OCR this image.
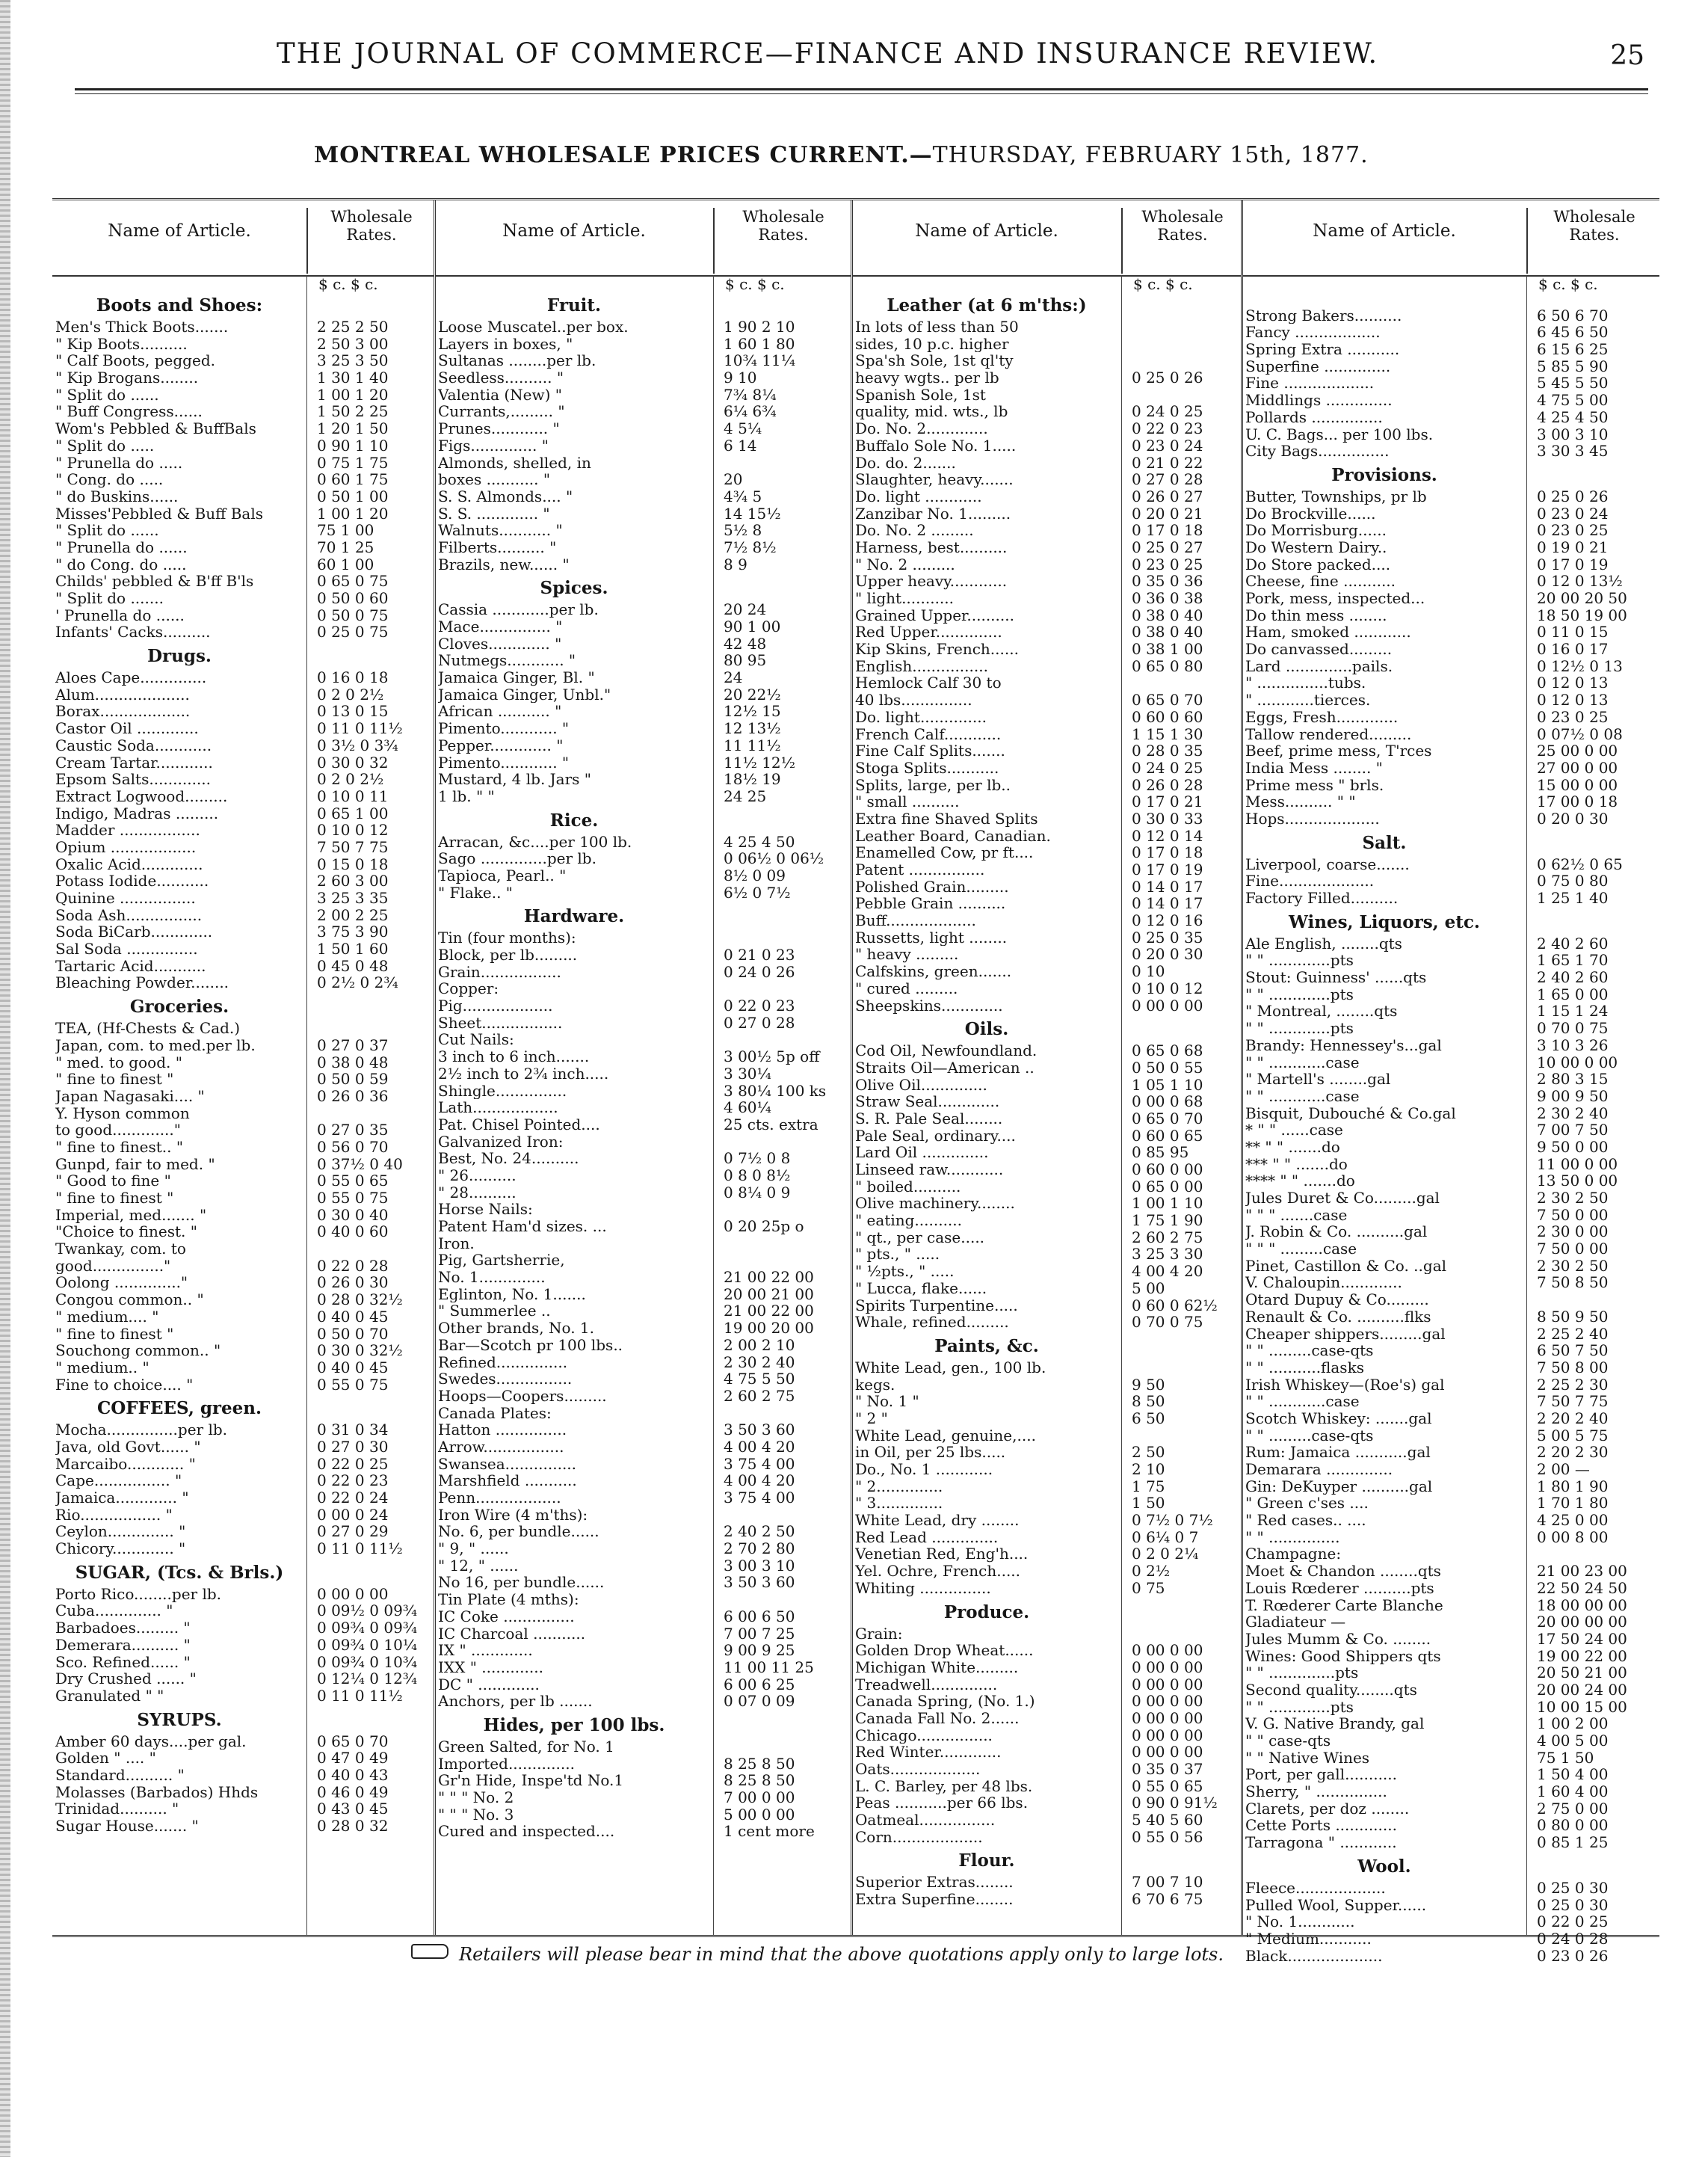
THE JOURNAL OF COMMERCE—FINANCE AND INSURANCE REVIEW.	25
MONTREAL WHOLESALE PRICES CURRENT.—THURSDAY, FEBRUARY 15th, 1877.
Name of Article.
Wholesale
Rates.
$ c. $ c.
Boots and Shoes:
Men's Thick Boots.......	2 25 2 50
" Kip Boots..........	2 50 3 00
" Calf Boots, pegged.	3 25 3 50
" Kip Brogans........	1 30 1 40
" Split do ......	1 00 1 20
" Buff Congress......	1 50 2 25
Wom's Pebbled & BuffBals	1 20 1 50
" Split do .....	0 90 1 10
" Prunella do .....	0 75 1 75
" Cong. do .....	0 60 1 75
" do Buskins......	0 50 1 00
Misses'Pebbled & Buff Bals	1 00 1 20
" Split do ......	75 1 00
" Prunella do ......	70 1 25
" do Cong. do .....	60 1 00
Childs' pebbled & B'ff B'ls	0 65 0 75
" Split do .......	0 50 0 60
' Prunella do ......	0 50 0 75
Infants' Cacks..........	0 25 0 75
Drugs.
Aloes Cape..............	0 16 0 18
Alum....................	0 2 0 2½
Borax...................	0 13 0 15
Castor Oil .............	0 11 0 11½
Caustic Soda............	0 3½ 0 3¾
Cream Tartar............	0 30 0 32
Epsom Salts.............	0 2 0 2½
Extract Logwood.........	0 10 0 11
Indigo, Madras .........	0 65 1 00
Madder .................	0 10 0 12
Opium ..................	7 50 7 75
Oxalic Acid.............	0 15 0 18
Potass Iodide...........	2 60 3 00
Quinine ................	3 25 3 35
Soda Ash................	2 00 2 25
Soda BiCarb.............	3 75 3 90
Sal Soda ...............	1 50 1 60
Tartaric Acid...........	0 45 0 48
Bleaching Powder........	0 2½ 0 2¾
Groceries.
TEA, (Hf-Chests & Cad.)
Japan, com. to med.per lb.	0 27 0 37
" med. to good. "	0 38 0 48
" fine to finest "	0 50 0 59
Japan Nagasaki.... "	0 26 0 36
Y. Hyson common
to good............."	0 27 0 35
" fine to finest.. "	0 56 0 70
Gunpd, fair to med. "	0 37½ 0 40
" Good to fine "	0 55 0 65
" fine to finest "	0 55 0 75
Imperial, med....... "	0 30 0 40
"Choice to finest. "	0 40 0 60
Twankay, com. to
good..............."	0 22 0 28
Oolong .............."	0 26 0 30
Congou common.. "	0 28 0 32½
" medium.... "	0 40 0 45
" fine to finest "	0 50 0 70
Souchong common.. "	0 30 0 32½
" medium.. "	0 40 0 45
Fine to choice.... "	0 55 0 75
COFFEES, green.
Mocha...............per lb.	0 31 0 34
Java, old Govt...... "	0 27 0 30
Marcaibo............ "	0 22 0 25
Cape................ "	0 22 0 23
Jamaica............. "	0 22 0 24
Rio................. "	0 00 0 24
Ceylon.............. "	0 27 0 29
Chicory............. "	0 11 0 11½
SUGAR, (Tcs. & Brls.)
Porto Rico........per lb.	0 00 0 00
Cuba.............. "	0 09½ 0 09¾
Barbadoes......... "	0 09¾ 0 09¾
Demerara.......... "	0 09¾ 0 10¼
Sco. Refined...... "	0 09¾ 0 10¾
Dry Crushed ...... "	0 12¼ 0 12¾
Granulated " "	0 11 0 11½
SYRUPS.
Amber 60 days....per gal.	0 65 0 70
Golden " .... "	0 47 0 49
Standard.......... "	0 40 0 43
Molasses (Barbados) Hhds	0 46 0 49
Trinidad.......... "	0 43 0 45
Sugar House....... "	0 28 0 32
Name of Article.
Wholesale
Rates.
$ c. $ c.
Fruit.
Loose Muscatel..per box.	1 90 2 10
Layers in boxes, "	1 60 1 80
Sultanas ........per lb.	10¾ 11¼
Seedless.......... "	9 10
Valentia (New) "	7¾ 8¼
Currants,......... "	6¼ 6¾
Prunes............ "	4 5¼
Figs.............. "	6 14
Almonds, shelled, in
boxes ........... "	20
S. S. Almonds.... "	4¾ 5
S. S. ............. "	14 15½
Walnuts........... "	5½ 8
Filberts.......... "	7½ 8½
Brazils, new...... "	8 9
Spices.
Cassia ............per lb.	20 24
Mace............... "	90 1 00
Cloves............. "	42 48
Nutmegs............ "	80 95
Jamaica Ginger, Bl. "	24
Jamaica Ginger, Unbl."	20 22½
African ........... "	12½ 15
Pimento............ "	12 13½
Pepper............. "	11 11½
Pimento............ "	11½ 12½
Mustard, 4 lb. Jars "	18½ 19
1 lb. " "	24 25
Rice.
Arracan, &c....per 100 lb.	4 25 4 50
Sago ..............per lb.	0 06½ 0 06½
Tapioca, Pearl.. "	8½ 0 09
" Flake.. "	6½ 0 7½
Hardware.
Tin (four months):
Block, per lb.........	0 21 0 23
Grain.................	0 24 0 26
Copper:
Pig...................	0 22 0 23
Sheet.................	0 27 0 28
Cut Nails:
3 inch to 6 inch.......	3 00½ 5p off
2½ inch to 2¾ inch.....	3 30¼
Shingle...............	3 80¼ 100 ks
Lath..................	4 60¼
Pat. Chisel Pointed....	25 cts. extra
Galvanized Iron:
Best, No. 24..........	0 7½ 0 8
" 26..........	0 8 0 8½
" 28..........	0 8¼ 0 9
Horse Nails:
Patent Ham'd sizes. ...	0 20 25p o
Iron.
Pig, Gartsherrie,
No. 1..............	21 00 22 00
Eglinton, No. 1.......	20 00 21 00
" Summerlee ..	21 00 22 00
Other brands, No. 1.	19 00 20 00
Bar—Scotch pr 100 lbs..	2 00 2 10
Refined...............	2 30 2 40
Swedes................	4 75 5 50
Hoops—Coopers.........	2 60 2 75
Canada Plates:
Hatton ...............	3 50 3 60
Arrow.................	4 00 4 20
Swansea...............	3 75 4 00
Marshfield ...........	4 00 4 20
Penn..................	3 75 4 00
Iron Wire (4 m'ths):
No. 6, per bundle......	2 40 2 50
" 9, " ......	2 70 2 80
" 12, " ......	3 00 3 10
No 16, per bundle......	3 50 3 60
Tin Plate (4 mths):
IC Coke ...............	6 00 6 50
IC Charcoal ...........	7 00 7 25
IX " .............	9 00 9 25
IXX " .............	11 00 11 25
DC " .............	6 00 6 25
Anchors, per lb .......	0 07 0 09
Hides, per 100 lbs.
Green Salted, for No. 1
Imported..............	8 25 8 50
Gr'n Hide, Inspe'td No.1	8 25 8 50
" " " No. 2	7 00 0 00
" " " No. 3	5 00 0 00
Cured and inspected....	1 cent more
Name of Article.
Wholesale
Rates.
$ c. $ c.
Leather (at 6 m'ths:)
In lots of less than 50
sides, 10 p.c. higher
Spa'sh Sole, 1st ql'ty
heavy wgts.. per lb	0 25 0 26
Spanish Sole, 1st
quality, mid. wts., lb	0 24 0 25
Do. No. 2.............	0 22 0 23
Buffalo Sole No. 1.....	0 23 0 24
Do. do. 2.......	0 21 0 22
Slaughter, heavy.......	0 27 0 28
Do. light ............	0 26 0 27
Zanzibar No. 1.........	0 20 0 21
Do. No. 2 .........	0 17 0 18
Harness, best..........	0 25 0 27
" No. 2 .........	0 23 0 25
Upper heavy............	0 35 0 36
" light...........	0 36 0 38
Grained Upper..........	0 38 0 40
Red Upper..............	0 38 0 40
Kip Skins, French......	0 38 1 00
English................	0 65 0 80
Hemlock Calf 30 to
40 lbs...............	0 65 0 70
Do. light..............	0 60 0 60
French Calf............	1 15 1 30
Fine Calf Splits.......	0 28 0 35
Stoga Splits...........	0 24 0 25
Splits, large, per lb..	0 26 0 28
" small ..........	0 17 0 21
Extra fine Shaved Splits	0 30 0 33
Leather Board, Canadian.	0 12 0 14
Enamelled Cow, pr ft....	0 17 0 18
Patent ................	0 17 0 19
Polished Grain.........	0 14 0 17
Pebble Grain ..........	0 14 0 17
Buff...................	0 12 0 16
Russetts, light ........	0 25 0 35
" heavy .........	0 20 0 30
Calfskins, green.......	0 10
" cured .........	0 10 0 12
Sheepskins.............	0 00 0 00
Oils.
Cod Oil, Newfoundland.	0 65 0 68
Straits Oil—American ..	0 50 0 55
Olive Oil..............	1 05 1 10
Straw Seal.............	0 00 0 68
S. R. Pale Seal........	0 65 0 70
Pale Seal, ordinary....	0 60 0 65
Lard Oil ..............	0 85 95
Linseed raw............	0 60 0 00
" boiled..........	0 65 0 00
Olive machinery........	1 00 1 10
" eating..........	1 75 1 90
" qt., per case.....	2 60 2 75
" pts., " .....	3 25 3 30
" ½pts., " .....	4 00 4 20
" Lucca, flake......	5 00
Spirits Turpentine.....	0 60 0 62½
Whale, refined.........	0 70 0 75
Paints, &c.
White Lead, gen., 100 lb.
kegs.	9 50
" No. 1 "	8 50
" 2 "	6 50
White Lead, genuine,....
in Oil, per 25 lbs.....	2 50
Do., No. 1 ............	2 10
" 2..............	1 75
" 3..............	1 50
White Lead, dry ........	0 7½ 0 7½
Red Lead ..............	0 6¼ 0 7
Venetian Red, Eng'h....	0 2 0 2¼
Yel. Ochre, French.....	0 2½
Whiting ...............	0 75
Produce.
Grain:
Golden Drop Wheat......	0 00 0 00
Michigan White.........	0 00 0 00
Treadwell..............	0 00 0 00
Canada Spring, (No. 1.)	0 00 0 00
Canada Fall No. 2......	0 00 0 00
Chicago................	0 00 0 00
Red Winter.............	0 00 0 00
Oats...................	0 35 0 37
L. C. Barley, per 48 lbs.	0 55 0 65
Peas ...........per 66 lbs.	0 90 0 91½
Oatmeal................	5 40 5 60
Corn...................	0 55 0 56
Flour.
Superior Extras........	7 00 7 10
Extra Superfine........	6 70 6 75
Name of Article.
Wholesale
Rates.
$ c. $ c.
Strong Bakers..........	6 50 6 70
Fancy ..................	6 45 6 50
Spring Extra ...........	6 15 6 25
Superfine ..............	5 85 5 90
Fine ...................	5 45 5 50
Middlings ..............	4 75 5 00
Pollards ...............	4 25 4 50
U. C. Bags... per 100 lbs.	3 00 3 10
City Bags...............	3 30 3 45
Provisions.
Butter, Townships, pr lb	0 25 0 26
Do Brockville......	0 23 0 24
Do Morrisburg......	0 23 0 25
Do Western Dairy..	0 19 0 21
Do Store packed....	0 17 0 19
Cheese, fine ...........	0 12 0 13½
Pork, mess, inspected...	20 00 20 50
Do thin mess ........	18 50 19 00
Ham, smoked ............	0 11 0 15
Do canvassed.........	0 16 0 17
Lard ..............pails.	0 12½ 0 13
" ...............tubs.	0 12 0 13
" ............tierces.	0 12 0 13
Eggs, Fresh.............	0 23 0 25
Tallow rendered.........	0 07½ 0 08
Beef, prime mess, T'rces	25 00 0 00
India Mess ........ "	27 00 0 00
Prime mess " brls.	15 00 0 00
Mess.......... " "	17 00 0 18
Hops....................	0 20 0 30
Salt.
Liverpool, coarse.......	0 62½ 0 65
Fine....................	0 75 0 80
Factory Filled..........	1 25 1 40
Wines, Liquors, etc.
Ale English, ........qts	2 40 2 60
" " .............pts	1 65 1 70
Stout: Guinness' ......qts	2 40 2 60
" " .............pts	1 65 0 00
" Montreal, ........qts	1 15 1 24
" " .............pts	0 70 0 75
Brandy: Hennessey's...gal	3 10 3 26
" " ............case	10 00 0 00
" Martell's ........gal	2 80 3 15
" " ............case	9 00 9 50
Bisquit, Dubouché & Co.gal	2 30 2 40
* " " ......case	7 00 7 50
** " " .......do	9 50 0 00
*** " " .......do	11 00 0 00
**** " " .......do	13 50 0 00
Jules Duret & Co.........gal	2 30 2 50
" " " .......case	7 50 0 00
J. Robin & Co. ..........gal	2 30 0 00
" " " .........case	7 50 0 00
Pinet, Castillon & Co. ..gal	2 30 2 50
V. Chaloupin.............	7 50 8 50
Otard Dupuy & Co.........
Renault & Co. ..........flks	8 50 9 50
Cheaper shippers.........gal	2 25 2 40
" " .........case-qts	6 50 7 50
" " ...........flasks	7 50 8 00
Irish Whiskey—(Roe's) gal	2 25 2 30
" " ............case	7 50 7 75
Scotch Whiskey: .......gal	2 20 2 40
" " .........case-qts	5 00 5 75
Rum: Jamaica ...........gal	2 20 2 30
Demarara ..............	2 00 —
Gin: DeKuyper ..........gal	1 80 1 90
" Green c'ses ....	1 70 1 80
" Red cases.. ....	4 25 0 00
" " ...............	0 00 8 00
Champagne:
Moet & Chandon ........qts	21 00 23 00
Louis Rœderer ..........pts	22 50 24 50
T. Rœderer Carte Blanche	18 00 00 00
Gladiateur —	20 00 00 00
Jules Mumm & Co. ........	17 50 24 00
Wines: Good Shippers qts	19 00 22 00
" " ..............pts	20 50 21 00
Second quality........qts	20 00 24 00
" " .............pts	10 00 15 00
V. G. Native Brandy, gal	1 00 2 00
" " case-qts	4 00 5 00
" " Native Wines	75 1 50
Port, per gall...........	1 50 4 00
Sherry, " ...............	1 60 4 00
Clarets, per doz ........	2 75 0 00
Cette Ports .............	0 80 0 00
Tarragona " ............	0 85 1 25
Wool.
Fleece...................	0 25 0 30
Pulled Wool, Supper......	0 25 0 30
" No. 1............	0 22 0 25
" Medium...........	0 24 0 28
Black....................	0 23 0 26
Retailers will please bear in mind that the above quotations apply only to large lots.
